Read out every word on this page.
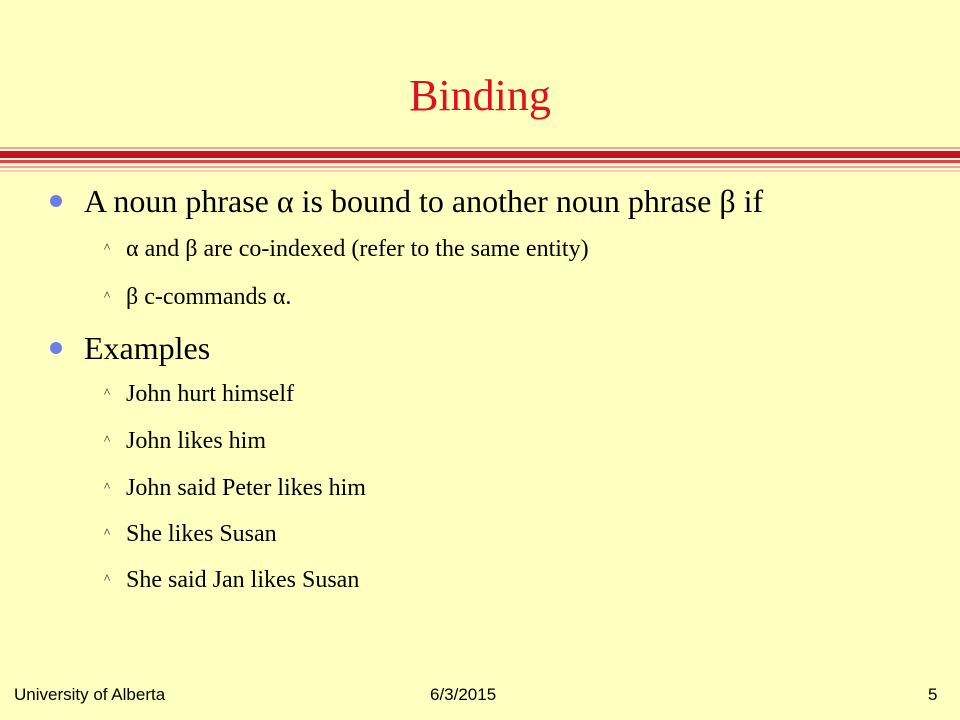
Binding
A noun phrase α is bound to another noun phrase β if
^ α and β are co-indexed (refer to the same entity)
^ β c-commands α.
Examples
^ John hurt himself
^ John likes him
^ John said Peter likes him
^ She likes Susan
^ She said Jan likes Susan
University of Alberta	6/3/2015	5
